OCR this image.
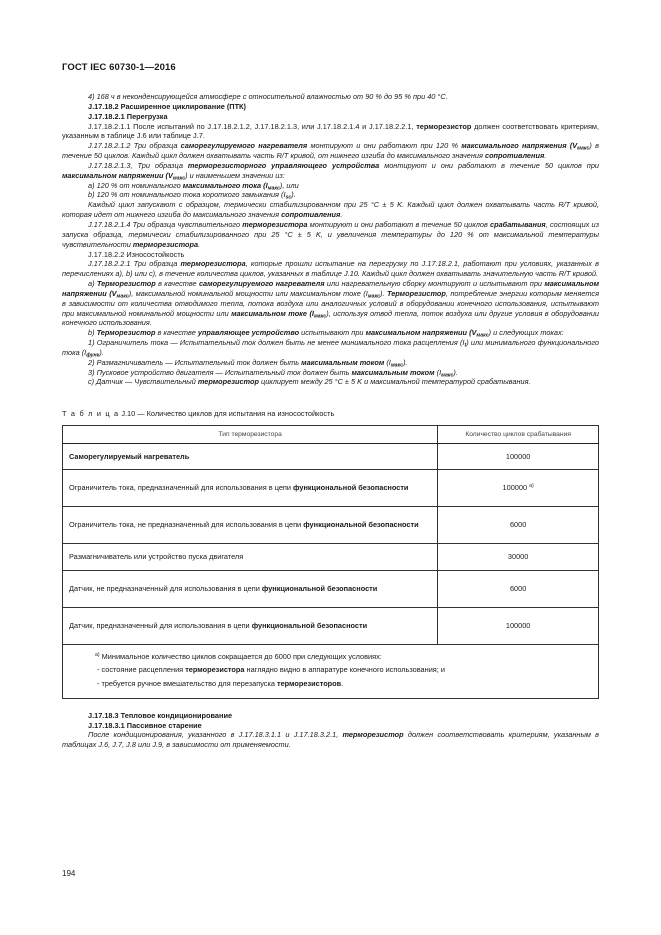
ГОСТ IEC 60730-1—2016

4) 168 ч в неконденсирующейся атмосфере с относительной влажностью от 90 % до 95 % при 40 °С.

J.17.18.2 Расширенное циклирование (ПТК)

J.17.18.2.1 Перегрузка

J.17.18.2.1.1 После испытаний по J.17.18.2.1.2, J.17.18.2.1.3, или J.17.18.2.1.4 и J.17.18.2.2.1, терморезистор должен соответствовать критериям, указанным в таблице J.6 или таблице J.7.

J.17.18.2.1.2 Три образца саморегулируемого нагревателя монтируют и они работают при 120 % максимального напряжения $(V_{макс})$ в течение 50 циклов. Каждый цикл должен охватывать часть R/T кривой, от нижнего изгиба до максимального значения сопротивления.

J.17.18.2.1.3, Три образца терморезисторного управляющего устройства монтируют и они работают в течение 50 циклов при максимальном напряжении $(V_{макс})$ и наименьшем значении из:

a) 120 % от номинального максимального тока $(I_{макс})$, или

b) 120 % от номинального тока короткого замыкания $(I_{sc})$.

Каждый цикл запускают с образцом, термически стабилизированном при 25 °С ± 5 K. Каждый цикл должен охватывать часть R/T кривой, которая идет от нижнего изгиба до максимального значения сопротивления.

J.17.18.2.1.4 Три образца чувствительного терморезистора монтируют и они работают в течение 50 циклов срабатывания, состоящих из запуска образца, термически стабилизированного при 25 °С ± 5 K, и увеличения температуры до 120 % от максимальной температуры чувствительности терморезистора.

J.17.18.2.2 Износостойкость

J.17.18.2.2.1 Три образца терморезистора, которые прошли испытание на перегрузку по J.17.18.2.1, работают при условиях, указанных в перечислениях a), b) или c), в течение количества циклов, указанных в таблице J.10. Каждый цикл должен охватывать значительную часть R/T кривой.

a) Терморезистор в качестве саморегулируемого нагревателя или нагревательную сборку монтируют и испытывают при максимальном напряжении $(V_{макс})$, максимальной номинальной мощности или максимальном токе $(I_{макс})$. Терморезистор, потребление энергии которым меняется в зависимости от количества отводимого тепла, потока воздуха или аналогичных условий в оборудовании конечного использования, испытывают при максимальной номинальной мощности или максимальном токе $(I_{макс})$, используя отвод тепла, поток воздуха или другие условия в оборудовании конечного использования.

b) Терморезистор в качестве управляющее устройство испытывают при максимальном напряжении $(V_{макс})$ и следующих токах:

1) Ограничитель тока — Испытательный ток должен быть не менее минимального тока расцепления $(I_t)$ или минимального функционального тока $(I_{функ})$.

2) Размагничиватель — Испытательный ток должен быть максимальным током $(I_{макс})$.

3) Пусковое устройство двигателя — Испытательный ток должен быть максимальным током $(I_{макс})$.

c) Датчик — Чувствительный терморезистор циклирует между 25 °С ± 5 K и максимальной температурой срабатывания.

Т а б л и ц а J.10 — Количество циклов для испытания на износостойкость

Тип терморезистора	Количество циклов срабатывания
Саморегулируемый нагреватель	100000
Ограничитель тока, предназначенный для использования в цепи функциональной безопасности	100000 $^{a)}$
Ограничитель тока, не предназначенный для использования в цепи функциональной безопасности	6000
Размагничиватель или устройство пуска двигателя	30000
Датчик, не предназначенный для использования в цепи функциональной безопасности	6000
Датчик, предназначенный для использования в цепи функциональной безопасности	100000

$^{a)}$ Минимальное количество циклов сокращается до 6000 при следующих условиях:
- состояние расцепления терморезистора наглядно видно в аппаратуре конечного использования; и
- требуется ручное вмешательство для перезапуска терморезисторов.	

J.17.18.3 Тепловое кондиционирование

J.17.18.3.1 Пассивное старение

После кондиционирования, указанного в J.17.18.3.1.1 и J.17.18.3.2.1, терморезистор должен соответствовать критериям, указанным в таблицах J.6, J.7, J.8 или J.9, в зависимости от применяемости.

194
